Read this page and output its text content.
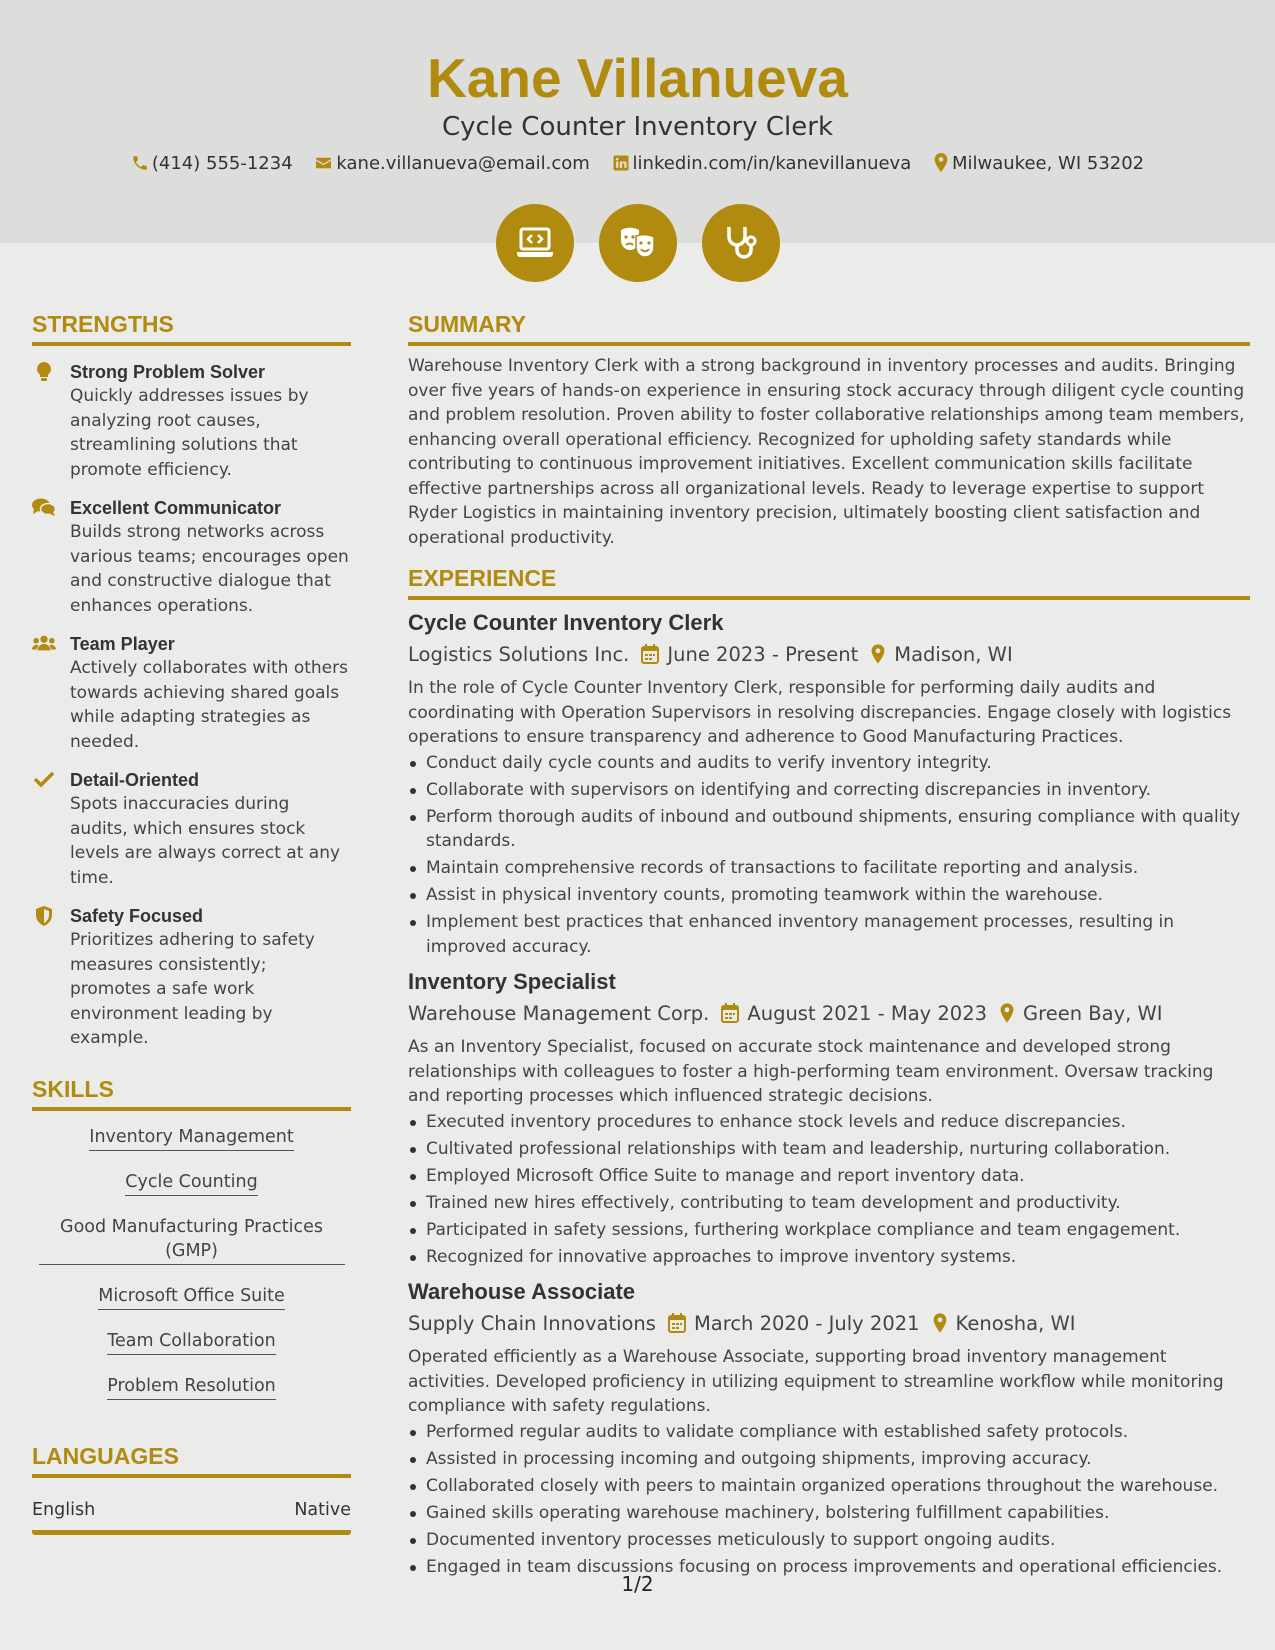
Kane Villanueva
Cycle Counter Inventory Clerk
(414) 555-1234 kane.villanueva@email.com linkedin.com/in/kanevillanueva Milwaukee, WI 53202
STRENGTHS
Strong Problem Solver
Quickly addresses issues by analyzing root causes, streamlining solutions that promote efficiency.
Excellent Communicator
Builds strong networks across various teams; encourages open and constructive dialogue that enhances operations.
Team Player
Actively collaborates with others towards achieving shared goals while adapting strategies as needed.
Detail-Oriented
Spots inaccuracies during audits, which ensures stock levels are always correct at any time.
Safety Focused
Prioritizes adhering to safety measures consistently; promotes a safe work environment leading by example.
SKILLS
Inventory Management
Cycle Counting
Good Manufacturing Practices (GMP)
Microsoft Office Suite
Team Collaboration
Problem Resolution
LANGUAGES
English	Native
SUMMARY
Warehouse Inventory Clerk with a strong background in inventory processes and audits. Bringing over five years of hands-on experience in ensuring stock accuracy through diligent cycle counting and problem resolution. Proven ability to foster collaborative relationships among team members, enhancing overall operational efficiency. Recognized for upholding safety standards while contributing to continuous improvement initiatives. Excellent communication skills facilitate effective partnerships across all organizational levels. Ready to leverage expertise to support Ryder Logistics in maintaining inventory precision, ultimately boosting client satisfaction and operational productivity.
EXPERIENCE
Cycle Counter Inventory Clerk
Logistics Solutions Inc. June 2023 - Present Madison, WI
In the role of Cycle Counter Inventory Clerk, responsible for performing daily audits and coordinating with Operation Supervisors in resolving discrepancies. Engage closely with logistics operations to ensure transparency and adherence to Good Manufacturing Practices.
Conduct daily cycle counts and audits to verify inventory integrity.
Collaborate with supervisors on identifying and correcting discrepancies in inventory.
Perform thorough audits of inbound and outbound shipments, ensuring compliance with quality standards.
Maintain comprehensive records of transactions to facilitate reporting and analysis.
Assist in physical inventory counts, promoting teamwork within the warehouse.
Implement best practices that enhanced inventory management processes, resulting in improved accuracy.
Inventory Specialist
Warehouse Management Corp. August 2021 - May 2023 Green Bay, WI
As an Inventory Specialist, focused on accurate stock maintenance and developed strong relationships with colleagues to foster a high-performing team environment. Oversaw tracking and reporting processes which influenced strategic decisions.
Executed inventory procedures to enhance stock levels and reduce discrepancies.
Cultivated professional relationships with team and leadership, nurturing collaboration.
Employed Microsoft Office Suite to manage and report inventory data.
Trained new hires effectively, contributing to team development and productivity.
Participated in safety sessions, furthering workplace compliance and team engagement.
Recognized for innovative approaches to improve inventory systems.
Warehouse Associate
Supply Chain Innovations March 2020 - July 2021 Kenosha, WI
Operated efficiently as a Warehouse Associate, supporting broad inventory management activities. Developed proficiency in utilizing equipment to streamline workflow while monitoring compliance with safety regulations.
Performed regular audits to validate compliance with established safety protocols.
Assisted in processing incoming and outgoing shipments, improving accuracy.
Collaborated closely with peers to maintain organized operations throughout the warehouse.
Gained skills operating warehouse machinery, bolstering fulfillment capabilities.
Documented inventory processes meticulously to support ongoing audits.
Engaged in team discussions focusing on process improvements and operational efficiencies.
1/2
